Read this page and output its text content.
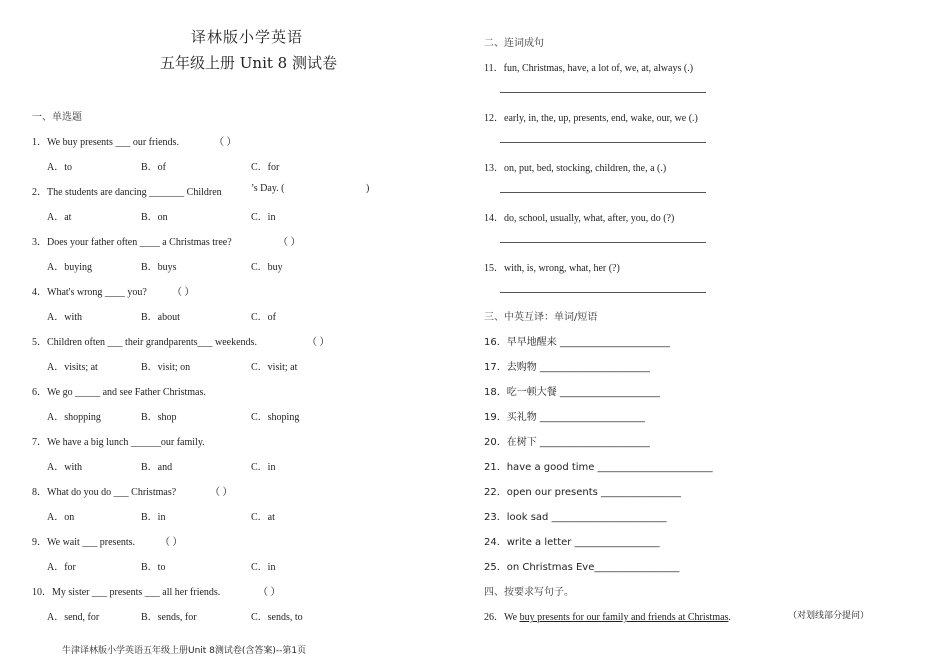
译林版小学英语
五年级上册 Unit 8 测试卷
一、单选题
1．We buy presents ___ our friends.	（ ）
A．to	B．of	C．for
2．The students are dancing _______ Children	’s Day. (	)
A．at	B．on	C．in
3．Does your father often ____ a Christmas tree?	（ ）
A．buying	B．buys	C．buy
4．What's wrong ____ you?	（ ）
A．with	B．about	C．of
5．Children often ___ their grandparents___ weekends.	（ ）
A．visits; at	B．visit; on	C．visit; at
6．We go _____ and see Father Christmas.
A．shopping	B．shop	C．shoping
7．We have a big lunch ______our family.
A．with	B．and	C．in
8．What do you do ___ Christmas?	（ ）
A．on	B．in	C．at
9．We wait ___ presents. （ ）
A．for	B．to	C．in
10．My sister ___ presents ___ all her friends.	（ ）
A．send, for	B．sends, for	C．sends, to
二、连词成句
11．fun, Christmas, have, a lot of, we, at, always (.)
12．early, in, the, up, presents, end, wake, our, we (.)
13．on, put, bed, stocking, children, the, a (.)
14．do, school, usually, what, after, you, do (?)
15．with, is, wrong, what, her (?)
三、中英互译：单词/短语
16．早早地醒来 ______________________
17．去购物 ______________________
18．吃一顿大餐 ____________________
19．买礼物 _____________________
20．在树下 ______________________
21．have a good time _______________________
22．open our presents ________________
23．look sad _______________________
24．write a letter _________________
25．on Christmas Eve_________________
四、按要求写句子。
26．We buy presents for our family and friends at Christmas.	（对划线部分提问）
牛津译林版小学英语五年级上册Unit 8测试卷(含答案)--第1页
